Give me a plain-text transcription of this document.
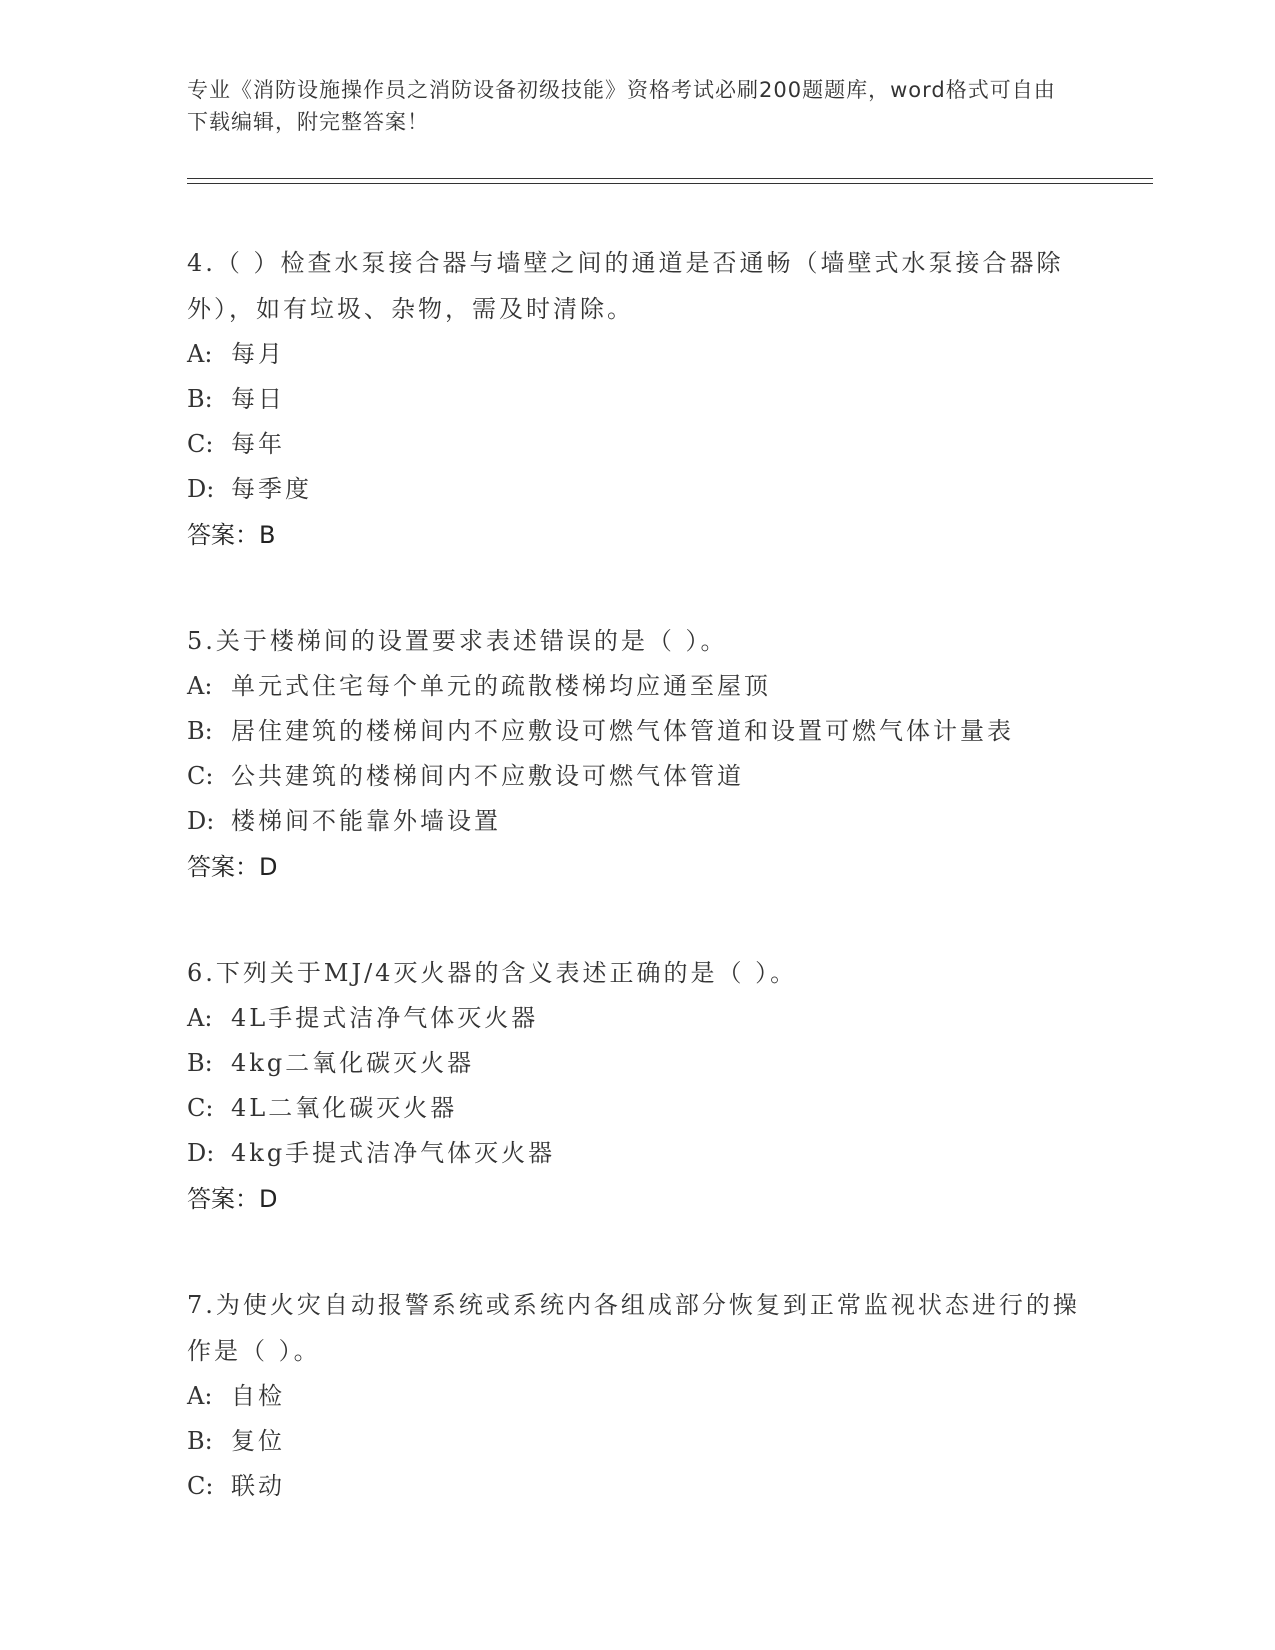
专业《消防设施操作员之消防设备初级技能》资格考试必刷200题题库，word格式可自由下载编辑，附完整答案！

4.（ ）检查水泵接合器与墙壁之间的通道是否通畅（墙壁式水泵接合器除外），如有垃圾、杂物，需及时清除。

A: 每月

B: 每日

C: 每年

D: 每季度

答案：B

5.关于楼梯间的设置要求表述错误的是（ ）。

A: 单元式住宅每个单元的疏散楼梯均应通至屋顶

B: 居住建筑的楼梯间内不应敷设可燃气体管道和设置可燃气体计量表

C: 公共建筑的楼梯间内不应敷设可燃气体管道

D: 楼梯间不能靠外墙设置

答案：D

6.下列关于MJ/4灭火器的含义表述正确的是（ ）。

A: 4L手提式洁净气体灭火器

B: 4kg二氧化碳灭火器

C: 4L二氧化碳灭火器

D: 4kg手提式洁净气体灭火器

答案：D

7.为使火灾自动报警系统或系统内各组成部分恢复到正常监视状态进行的操作是（ ）。

A: 自检

B: 复位

C: 联动
